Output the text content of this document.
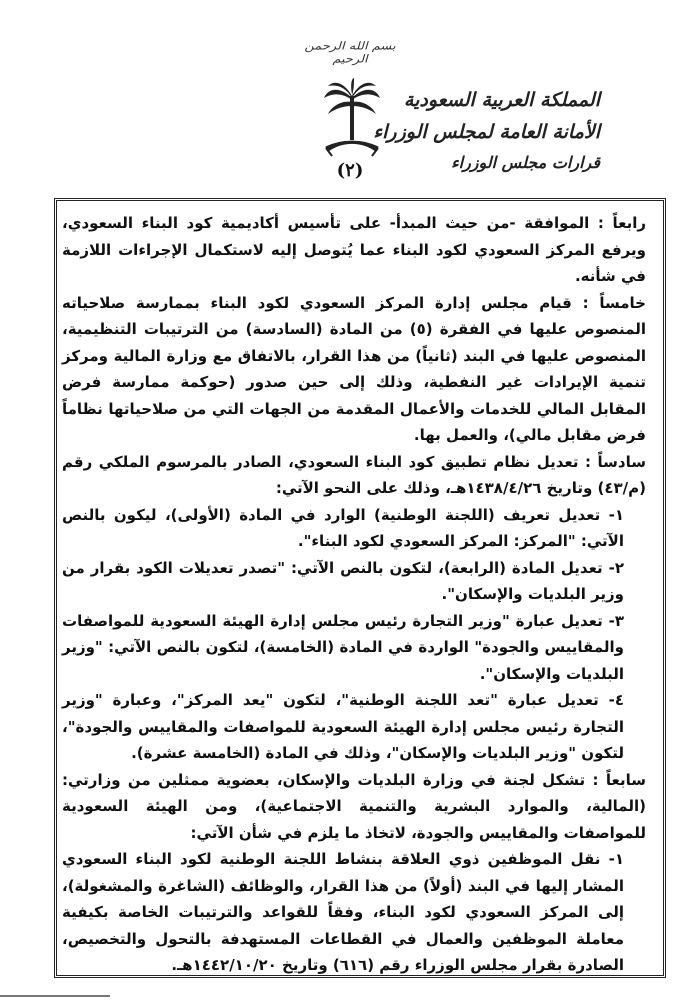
بسم الله الرحمن الرحيم
(٢)
المملكة العربية السعودية
الأمانة العامة لمجلس الوزراء
قرارات مجلس الوزراء

رابعاً : الموافقة -من حيث المبدأ- على تأسيس أكاديمية كود البناء السعودي، ويرفع المركز السعودي لكود البناء عما يُتوصل إليه لاستكمال الإجراءات اللازمة في شأنه.

خامساً : قيام مجلس إدارة المركز السعودي لكود البناء بممارسة صلاحياته المنصوص عليها في الفقرة (٥) من المادة (السادسة) من الترتيبات التنظيمية، المنصوص عليها في البند (ثانياً) من هذا القرار، بالاتفاق مع وزارة المالية ومركز تنمية الإيرادات غير النفطية، وذلك إلى حين صدور (حوكمة ممارسة فرض المقابل المالي للخدمات والأعمال المقدمة من الجهات التي من صلاحياتها نظاماً فرض مقابل مالي)، والعمل بها.

سادساً : تعديل نظام تطبيق كود البناء السعودي، الصادر بالمرسوم الملكي رقم (م/٤٣) وتاريخ ١٤٣٨/٤/٢٦هـ، وذلك على النحو الآتي:

١- تعديل تعريف (اللجنة الوطنية) الوارد في المادة (الأولى)، ليكون بالنص الآتي: "المركز: المركز السعودي لكود البناء".

٢- تعديل المادة (الرابعة)، لتكون بالنص الآتي: "تصدر تعديلات الكود بقرار من وزير البلديات والإسكان".

٣- تعديل عبارة "وزير التجارة رئيس مجلس إدارة الهيئة السعودية للمواصفات والمقاييس والجودة" الواردة في المادة (الخامسة)، لتكون بالنص الآتي: "وزير البلديات والإسكان".

٤- تعديل عبارة "تعد اللجنة الوطنية"، لتكون "يعد المركز"، وعبارة "وزير التجارة رئيس مجلس إدارة الهيئة السعودية للمواصفات والمقاييس والجودة"، لتكون "وزير البلديات والإسكان"، وذلك في المادة (الخامسة عشرة).

سابعاً : تشكل لجنة في وزارة البلديات والإسكان، بعضوية ممثلين من وزارتي: (المالية، والموارد البشرية والتنمية الاجتماعية)، ومن الهيئة السعودية للمواصفات والمقاييس والجودة، لاتخاذ ما يلزم في شأن الآتي:

١- نقل الموظفين ذوي العلاقة بنشاط اللجنة الوطنية لكود البناء السعودي المشار إليها في البند (أولاً) من هذا القرار، والوظائف (الشاغرة والمشغولة)، إلى المركز السعودي لكود البناء، وفقاً للقواعد والترتيبات الخاصة بكيفية معاملة الموظفين والعمال في القطاعات المستهدفة بالتحول والتخصيص، الصادرة بقرار مجلس الوزراء رقم (٦١٦) وتاريخ ١٤٤٢/١٠/٢٠هـ.
